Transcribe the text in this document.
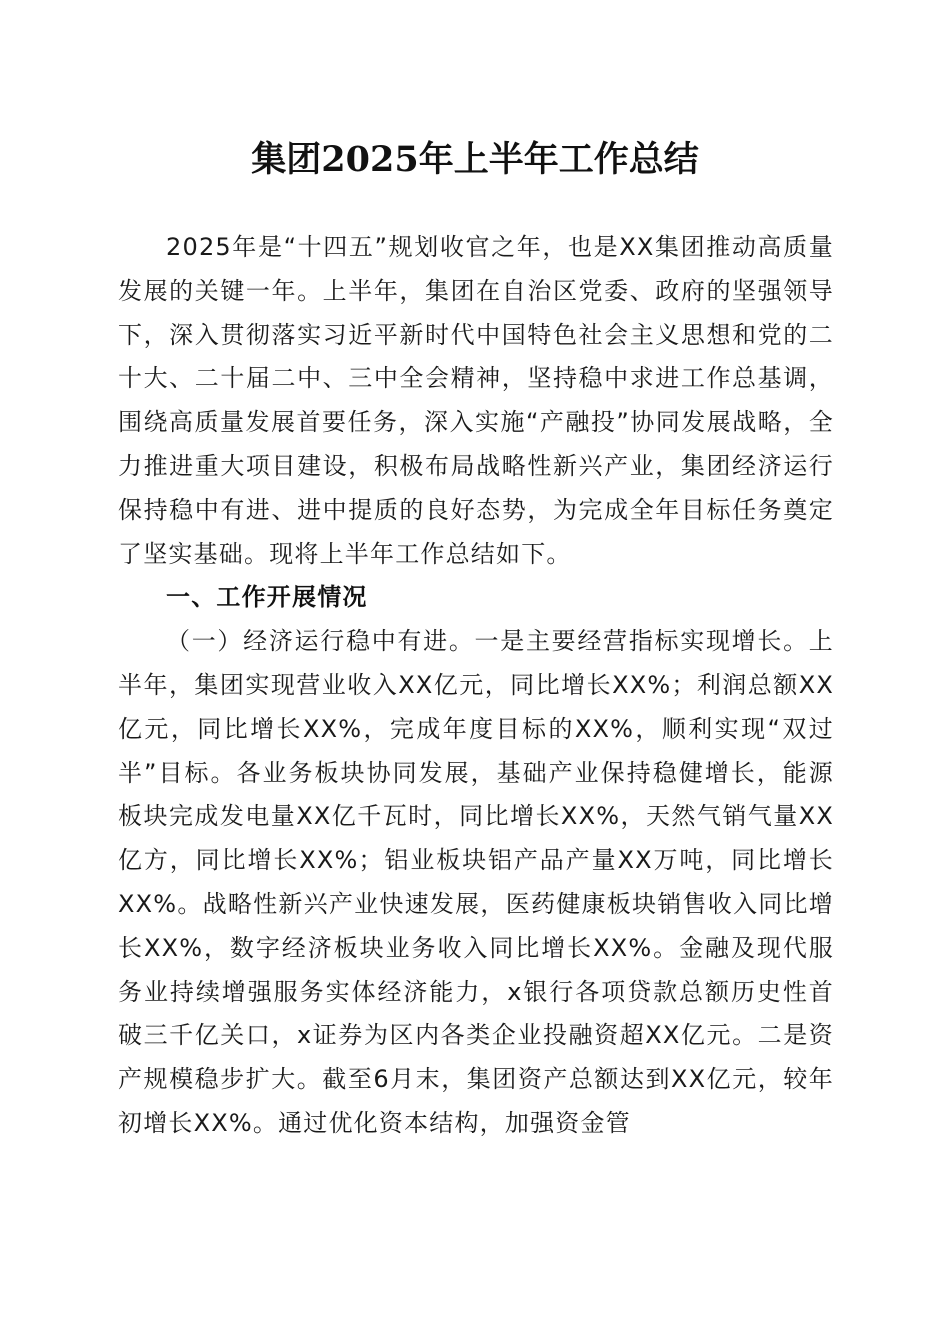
集团2025年上半年工作总结

2025年是“十四五”规划收官之年，也是XX集团推动高质量发展的关键一年。上半年，集团在自治区党委、政府的坚强领导下，深入贯彻落实习近平新时代中国特色社会主义思想和党的二十大、二十届二中、三中全会精神，坚持稳中求进工作总基调，围绕高质量发展首要任务，深入实施“产融投”协同发展战略，全力推进重大项目建设，积极布局战略性新兴产业，集团经济运行保持稳中有进、进中提质的良好态势，为完成全年目标任务奠定了坚实基础。现将上半年工作总结如下。

一、工作开展情况

（一）经济运行稳中有进。一是主要经营指标实现增长。上半年，集团实现营业收入XX亿元，同比增长XX%；利润总额XX亿元，同比增长XX%，完成年度目标的XX%，顺利实现“双过半”目标。各业务板块协同发展，基础产业保持稳健增长，能源板块完成发电量XX亿千瓦时，同比增长XX%，天然气销气量XX亿方，同比增长XX%；铝业板块铝产品产量XX万吨，同比增长XX%。战略性新兴产业快速发展，医药健康板块销售收入同比增长XX%，数字经济板块业务收入同比增长XX%。金融及现代服务业持续增强服务实体经济能力，x银行各项贷款总额历史性首破三千亿关口，x证券为区内各类企业投融资超XX亿元。二是资产规模稳步扩大。截至6月末，集团资产总额达到XX亿元，较年初增长XX%。通过优化资本结构，加强资金管
